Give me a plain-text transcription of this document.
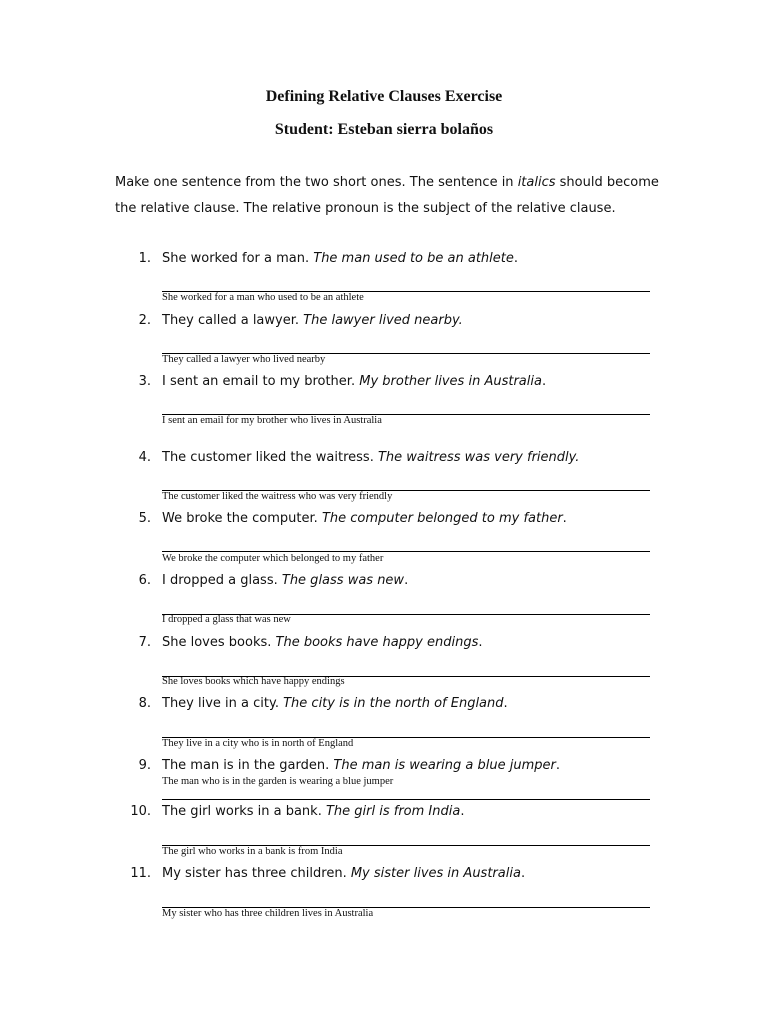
Defining Relative Clauses Exercise
Student: Esteban sierra bolaños
Make one sentence from the two short ones. The sentence in italics should become the relative clause. The relative pronoun is the subject of the relative clause.
1. She worked for a man. The man used to be an athlete.
She worked for a man who used to be an athlete
2. They called a lawyer. The lawyer lived nearby.
They called a lawyer who lived nearby
3. I sent an email to my brother. My brother lives in Australia.
I sent an email for my brother who lives in Australia
4. The customer liked the waitress. The waitress was very friendly.
The customer liked the waitress who was very friendly
5. We broke the computer. The computer belonged to my father.
We broke the computer which belonged to my father
6. I dropped a glass. The glass was new.
I dropped a glass that was new
7. She loves books. The books have happy endings.
She loves books which have happy endings
8. They live in a city. The city is in the north of England.
They live in a city who is in north of England
9. The man is in the garden. The man is wearing a blue jumper.
The man who is in the garden is wearing a blue jumper
10. The girl works in a bank. The girl is from India.
The girl who works in a bank is from India
11. My sister has three children. My sister lives in Australia.
My sister who has three children lives in Australia
